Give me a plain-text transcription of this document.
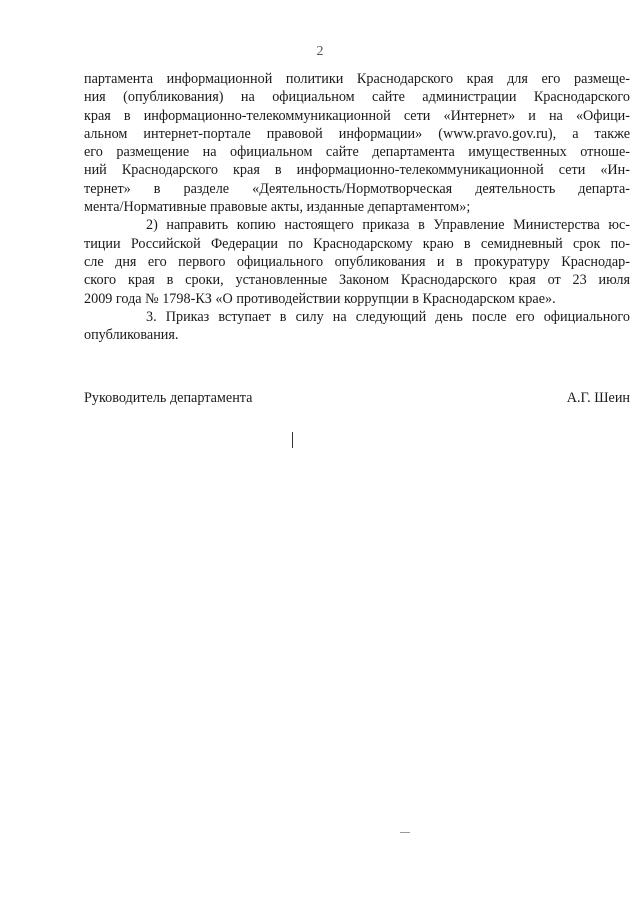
2

партамента информационной политики Краснодарского края для его размеще-
ния (опубликования) на официальном сайте администрации Краснодарского
края в информационно-телекоммуникационной сети «Интернет» и на «Офици-
альном интернет-портале правовой информации» (www.pravo.gov.ru), а также
его размещение на официальном сайте департамента имущественных отноше-
ний Краснодарского края в информационно-телекоммуникационной сети «Ин-
тернет» в разделе «Деятельность/Нормотворческая деятельность департа-
мента/Нормативные правовые акты, изданные департаментом»;

2) направить копию настоящего приказа в Управление Министерства юс-
тиции Российской Федерации по Краснодарскому краю в семидневный срок по-
сле дня его первого официального опубликования и в прокуратуру Краснодар-
ского края в сроки, установленные Законом Краснодарского края от 23 июля
2009 года № 1798-КЗ «О противодействии коррупции в Краснодарском крае».

3. Приказ вступает в силу на следующий день после его официального
опубликования.

Руководитель департамента	А.Г. Шеин
